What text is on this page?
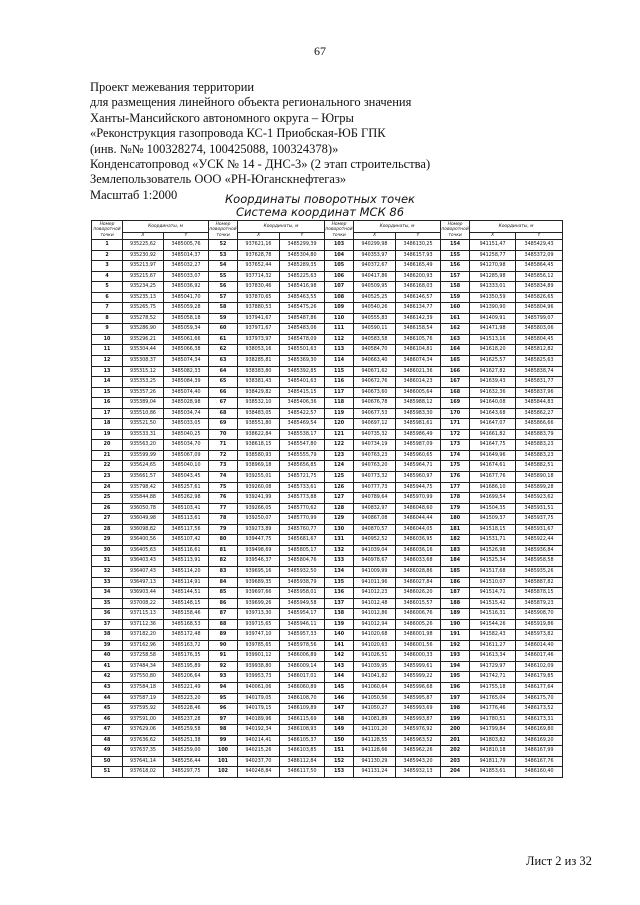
67
Проект межевания территории
для размещения линейного объекта регионального значения
Ханты-Мансийского автономного округа – Югры
«Реконструкция газопровода КС-1 Приобская-ЮБ ГПК
(инв. №№ 100328274, 100425088, 100324378)»
Конденсатопровод «УСК № 14 - ДНС-3» (2 этап строительства)
Землепользователь ООО «РН-Юганскнефтегаз»
Масштаб 1:2000	Координаты поворотных точек
Система координат МСК 86
Номер поворотной точки	Координаты, м		Номер поворотной точки	Координаты, м		Номер поворотной точки	Координаты, м		Номер поворотной точки	Координаты, м	
	X	Y		X	Y		X	Y		X	Y
1	935225,62	3485005,76	52	937621,16	3485299,39	103	940299,98	3486130,25	154	941151,47	3485429,43
2	935230,92	3485014,37	53	937628,78	3485304,80	104	940353,97	3486157,93	155	941258,77	3485372,09
3	935213,97	3485032,27	54	937652,44	3485289,35	105	940372,67	3486165,49	156	941270,98	3485864,45
4	935215,67	3485033,07	55	937714,32	3485225,63	106	940417,86	3486200,93	157	941285,98	3485856,12
5	935234,25	3485036,92	56	937830,46	3485416,98	107	940509,95	3486168,03	158	941333,01	3485834,89
6	935235,13	3485041,70	57	937870,65	3485463,55	108	940525,25	3486146,57	159	941350,59	3485826,65
7	935265,75	3485059,28	58	937880,53	3485475,26	109	940540,26	3486134,77	160	941390,90	3485804,96
8	935278,52	3485058,18	59	937941,67	3485487,86	110	940555,83	3486142,39	161	941409,91	3485799,07
9	935286,90	3485059,34	60	937971,67	3485483,06	111	940590,11	3486158,54	162	941471,98	3485803,06
10	935296,21	3485061,66	61	937973,97	3485478,09	112	940583,58	3486105,76	163	941513,16	3485804,45
11	935304,44	3485066,38	62	938053,16	3485501,63	113	940584,70	3486104,81	164	941618,20	3485812,82
12	935308,37	3485074,34	63	938285,81	3485369,30	114	940663,40	3486074,34	165	941625,57	3485825,63
13	935315,12	3485082,33	64	938383,80	3485392,85	115	940671,62	3486021,36	166	941627,82	3485838,74
14	935353,25	3485084,39	65	938381,43	3485401,63	116	940672,76	3486014,23	167	941639,43	3485831,77
15	935357,26	3485074,40	66	938429,82	3485415,15	117	940673,60	3486005,64	168	941632,36	3485837,96
16	935389,04	3485028,98	67	938532,10	3485406,36	118	940676,78	3485988,12	169	941640,08	3485844,83
17	935510,86	3485034,74	68	938483,05	3485422,57	119	940677,53	3485983,30	170	941643,68	3485862,27
18	935521,50	3485033,05	69	938551,80	3485469,54	120	940697,12	3485981,61	171	941647,07	3485866,66
19	935533,31	3485040,25	70	938622,84	3485538,17	121	940735,32	3485986,49	172	941661,82	3485883,79
20	935563,20	3485034,70	71	938618,15	3485547,80	122	940734,19	3485987,09	173	941647,75	3485883,23
21	935599,99	3485067,09	72	938580,93	3485555,79	123	940763,23	3485960,65	174	941649,96	3485883,23
22	935624,65	3485040,10	73	938969,18	3485656,85	124	940763,20	3485964,71	175	941674,61	3485882,51
23	935661,57	3485043,45	74	939255,01	3485721,75	125	940773,32	3485960,97	176	941677,76	3485890,18
24	935798,42	3485257,61	75	939260,08	3485733,61	126	940777,73	3485944,75	177	941686,10	3485899,28
25	935844,88	3485262,98	76	939241,99	3485773,88	127	940789,64	3485970,99	178	941699,54	3485923,62
26	936050,78	3485103,41	77	939266,05	3485770,62	128	940832,97	3486048,60	179	941504,35	3485931,51
27	936049,98	3485113,61	78	939250,07	3485770,99	129	940867,08	3486044,44	180	941509,37	3485937,75
28	936098,82	3485117,56	79	939273,89	3485760,77	130	940870,57	3486044,05	181	941518,15	3485931,67
29	936400,56	3485107,42	80	939447,75	3485681,67	131	940952,52	3486036,95	182	941531,71	3485922,44
30	936405,63	3485116,61	81	939498,69	3485805,17	132	941039,04	3486036,16	183	941526,98	3485936,84
31	936403,43	3485113,91	82	939546,37	3485804,76	133	940978,67	3486033,68	184	941525,34	3485958,58
32	936407,43	3485114,20	83	939695,16	3485932,50	134	941009,99	3486028,86	185	941517,68	3485935,26
33	936497,13	3485114,91	84	939689,35	3485938,79	135	941011,96	3486027,84	186	941510,07	3485887,82
34	936903,44	3485144,51	85	939697,66	3485958,01	136	941012,23	3486026,20	187	941514,71	3485878,15
35	937008,22	3485148,15	86	939699,26	3485949,58	137	941012,48	3486015,57	188	941515,42	3485879,23
36	937115,13	3485158,46	87	939713,30	3485954,17	138	941012,86	3486006,76	189	941516,31	3485908,70
37	937112,36	3485168,53	88	939715,65	3485946,11	139	941012,94	3486005,26	190	941544,26	3485919,86
38	937182,20	3485172,48	89	939747,10	3485957,33	140	941020,68	3486001,98	191	941582,43	3485973,82
39	937162,96	3485163,72	90	939785,65	3485978,56	141	941020,63	3486001,56	192	941611,27	3486014,40
40	937258,58	3485176,35	91	939901,12	3486006,89	142	941026,51	3486000,33	193	941613,34	3486017,46
41	937484,34	3485195,89	92	939938,80	3486009,14	143	941039,95	3485999,61	194	941729,97	3486102,09
42	937550,80	3485206,64	93	939953,73	3486017,01	144	941041,82	3485999,22	195	941742,71	3486179,85
43	937584,18	3485221,49	94	940061,06	3486060,89	145	941060,64	3485996,68	196	941755,18	3486177,64
44	937587,19	3485223,20	95	940179,05	3486108,70	146	941050,56	3485995,87	197	941765,04	3486175,70
45	937595,92	3485228,46	96	940179,15	3486109,89	147	941050,27	3485993,69	198	941776,46	3486173,52
46	937591,00	3485237,28	97	940189,96	3486115,69	148	941081,89	3485993,87	199	941780,51	3486173,31
47	937629,06	3485259,58	98	940192,34	3486108,93	149	941101,20	3485976,92	200	941799,84	3486169,80
48	937636,62	3485251,38	99	940214,41	3486105,37	150	941128,55	3485963,52	201	941803,82	3486169,20
49	937637,35	3485259,00	100	940215,26	3486103,85	151	941128,66	3485962,26	202	941810,18	3486167,99
50	937641,14	3485256,44	101	940237,70	3486112,84	152	941130,29	3485943,20	203	941811,79	3486167,76
51	937618,02	3485297,75	102	940248,84	3486117,50	153	941131,24	3485932,13	204	941853,61	3486160,40
Лист 2 из 32
